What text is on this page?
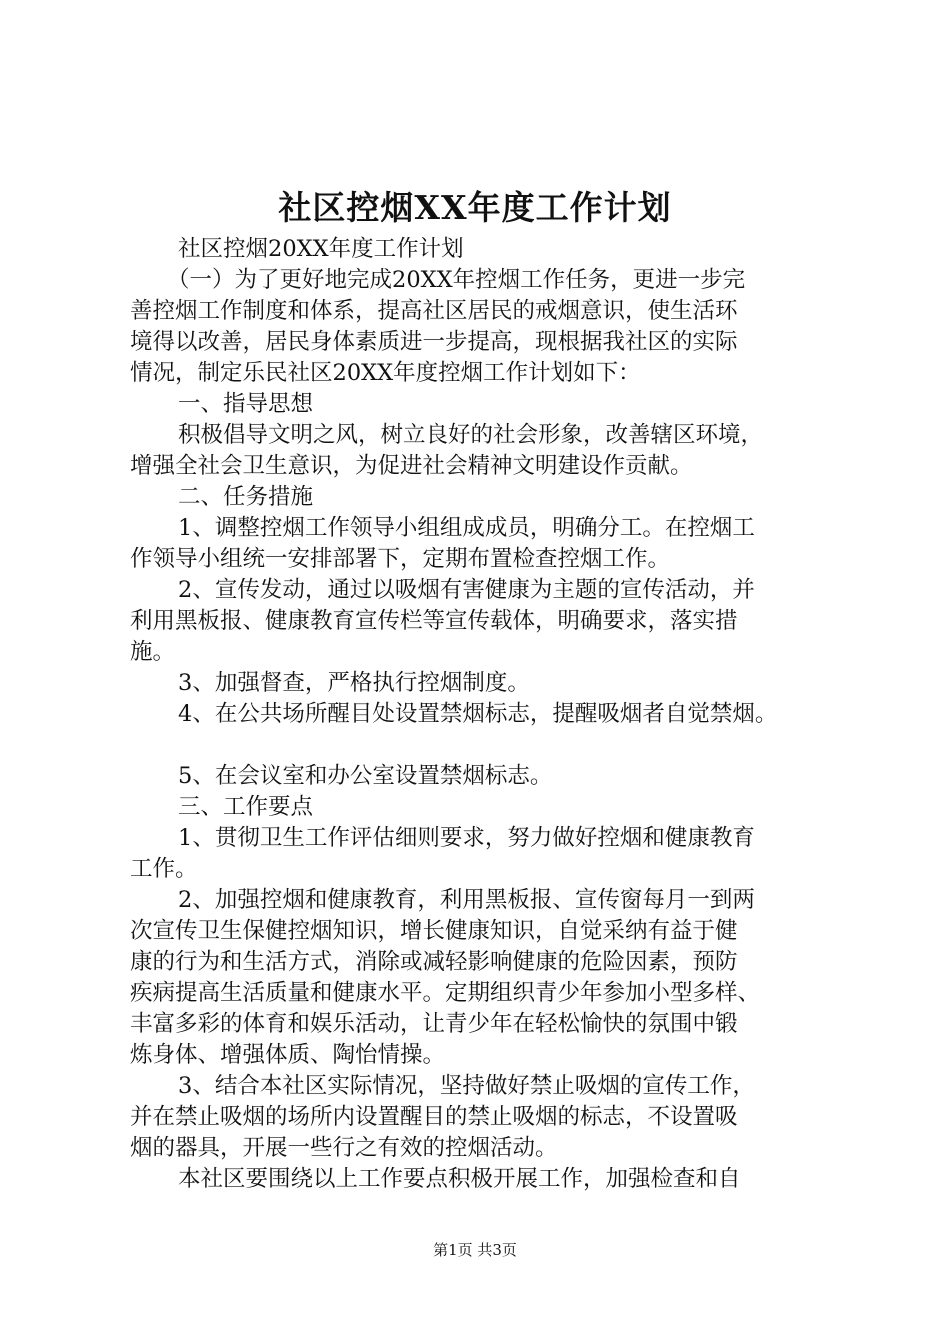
社区控烟XX年度工作计划

社区控烟20XX年度工作计划

（一）为了更好地完成20XX年控烟工作任务，更进一步完

善控烟工作制度和体系，提高社区居民的戒烟意识，使生活环

境得以改善，居民身体素质进一步提高，现根据我社区的实际

情况，制定乐民社区20XX年度控烟工作计划如下：

一、指导思想

积极倡导文明之风，树立良好的社会形象，改善辖区环境，

增强全社会卫生意识，为促进社会精神文明建设作贡献。

二、任务措施

1、调整控烟工作领导小组组成成员，明确分工。在控烟工

作领导小组统一安排部署下，定期布置检查控烟工作。

2、宣传发动，通过以吸烟有害健康为主题的宣传活动，并

利用黑板报、健康教育宣传栏等宣传载体，明确要求，落实措

施。

3、加强督查，严格执行控烟制度。

4、在公共场所醒目处设置禁烟标志，提醒吸烟者自觉禁烟。

5、在会议室和办公室设置禁烟标志。

三、工作要点

1、贯彻卫生工作评估细则要求，努力做好控烟和健康教育

工作。

2、加强控烟和健康教育，利用黑板报、宣传窗每月一到两

次宣传卫生保健控烟知识，增长健康知识，自觉采纳有益于健

康的行为和生活方式，消除或减轻影响健康的危险因素，预防

疾病提高生活质量和健康水平。定期组织青少年参加小型多样、

丰富多彩的体育和娱乐活动，让青少年在轻松愉快的氛围中锻

炼身体、增强体质、陶怡情操。

3、结合本社区实际情况，坚持做好禁止吸烟的宣传工作，

并在禁止吸烟的场所内设置醒目的禁止吸烟的标志，不设置吸

烟的器具，开展一些行之有效的控烟活动。

本社区要围绕以上工作要点积极开展工作，加强检查和自

第1页 共3页
